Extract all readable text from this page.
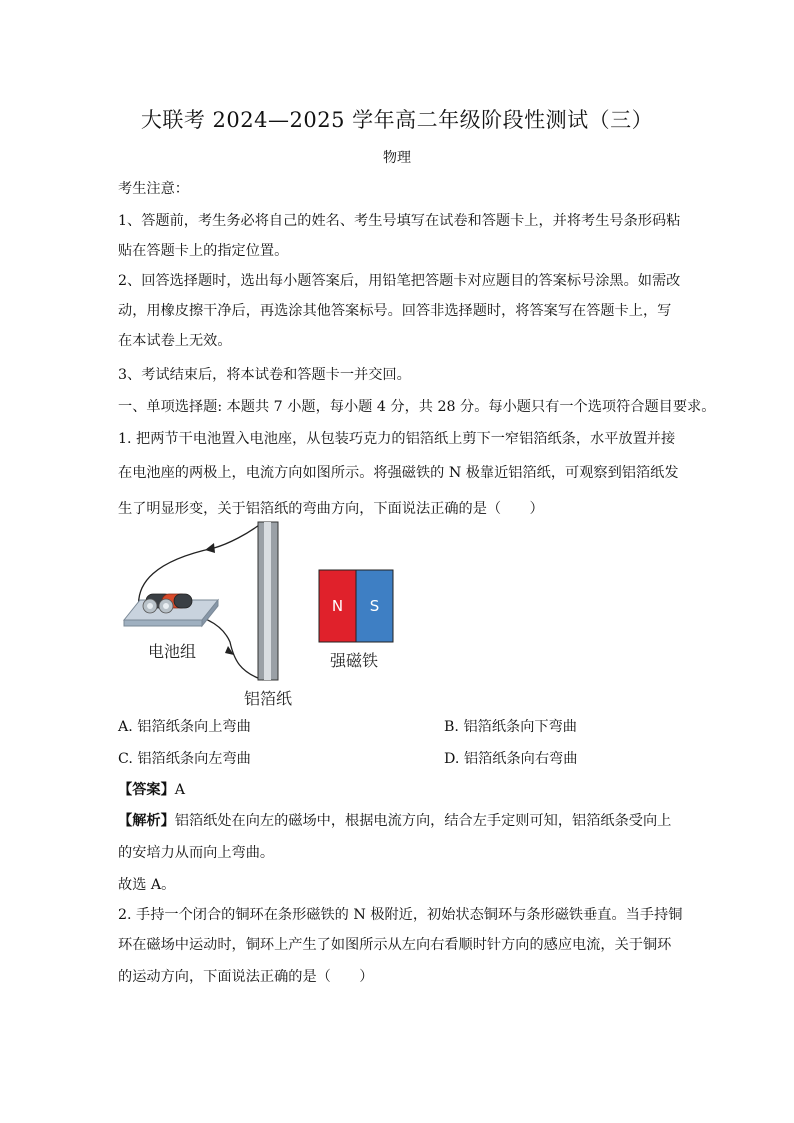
大联考 2024—2025 学年高二年级阶段性测试（三）
物理
考生注意：
1、答题前，考生务必将自己的姓名、考生号填写在试卷和答题卡上，并将考生号条形码粘
贴在答题卡上的指定位置。
2、回答选择题时，选出每小题答案后，用铅笔把答题卡对应题目的答案标号涂黑。如需改
动，用橡皮擦干净后，再选涂其他答案标号。回答非选择题时，将答案写在答题卡上，写
在本试卷上无效。
3、考试结束后，将本试卷和答题卡一并交回。
一、单项选择题: 本题共 7 小题，每小题 4 分，共 28 分。每小题只有一个选项符合题目要求。
1. 把两节干电池置入电池座，从包装巧克力的铝箔纸上剪下一窄铝箔纸条，水平放置并接
在电池座的两极上，电流方向如图所示。将强磁铁的 N 极靠近铝箔纸，可观察到铝箔纸发
生了明显形变，关于铝箔纸的弯曲方向，下面说法正确的是（　　）
N S
电池组
铝箔纸
强磁铁
A. 铝箔纸条向上弯曲	B. 铝箔纸条向下弯曲
C. 铝箔纸条向左弯曲	D. 铝箔纸条向右弯曲
【答案】A
【解析】铝箔纸处在向左的磁场中，根据电流方向，结合左手定则可知，铝箔纸条受向上
的安培力从而向上弯曲。
故选 A。
2. 手持一个闭合的铜环在条形磁铁的 N 极附近，初始状态铜环与条形磁铁垂直。当手持铜
环在磁场中运动时，铜环上产生了如图所示从左向右看顺时针方向的感应电流，关于铜环
的运动方向，下面说法正确的是（　　）
